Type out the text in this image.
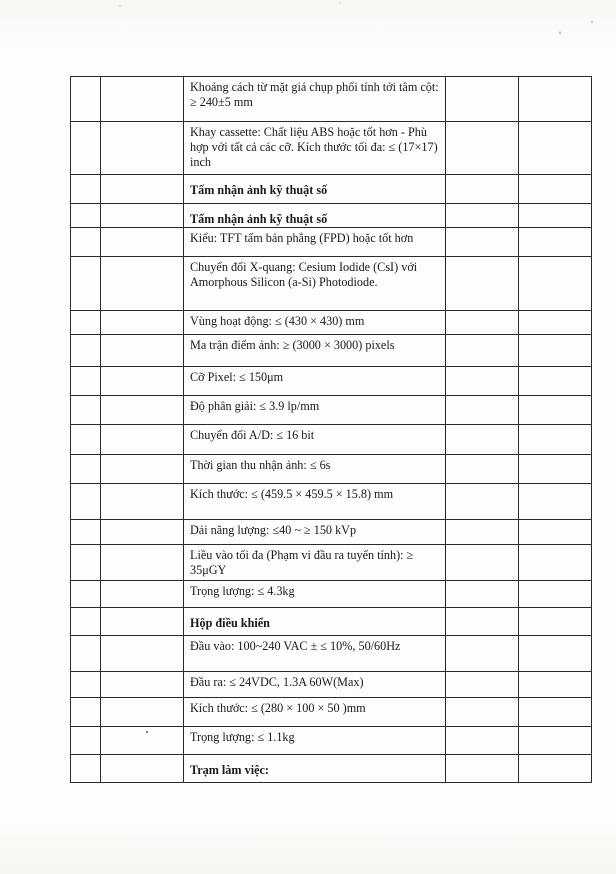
		Khoảng cách từ mặt giá chụp phổi tính tới tâm cột: ≥ 240±5 mm		
		Khay cassette: Chất liệu ABS hoặc tốt hơn - Phù hợp với tất cả các cỡ. Kích thước tối đa: ≤ (17×17) inch		
		Tấm nhận ảnh kỹ thuật số		
		Tấm nhận ảnh kỹ thuật số		
		Kiểu: TFT tấm bản phẳng (FPD) hoặc tốt hơn		
		Chuyển đổi X-quang: Cesium Iodide (CsI) với Amorphous Silicon (a-Si) Photodiode.		
		Vùng hoạt động: ≤ (430 × 430) mm		
		Ma trận điểm ảnh: ≥ (3000 × 3000) pixels		
		Cỡ Pixel: ≤ 150μm		
		Độ phân giải: ≤ 3.9 lp/mm		
		Chuyển đổi A/D: ≤ 16 bit		
		Thời gian thu nhận ảnh: ≤ 6s		
		Kích thước: ≤ (459.5 × 459.5 × 15.8) mm		
		Dải năng lượng: ≤40 ~ ≥ 150 kVp		
		Liều vào tối đa (Phạm vi đầu ra tuyến tính): ≥ 35μGY		
		Trọng lượng: ≤ 4.3kg		
		Hộp điều khiển		
		Đầu vào: 100~240 VAC ± ≤ 10%, 50/60Hz		
		Đầu ra: ≤ 24VDC, 1.3A 60W(Max)		
		Kích thước: ≤ (280 × 100 × 50 )mm		
		Trọng lượng: ≤ 1.1kg		
		Trạm làm việc:		
